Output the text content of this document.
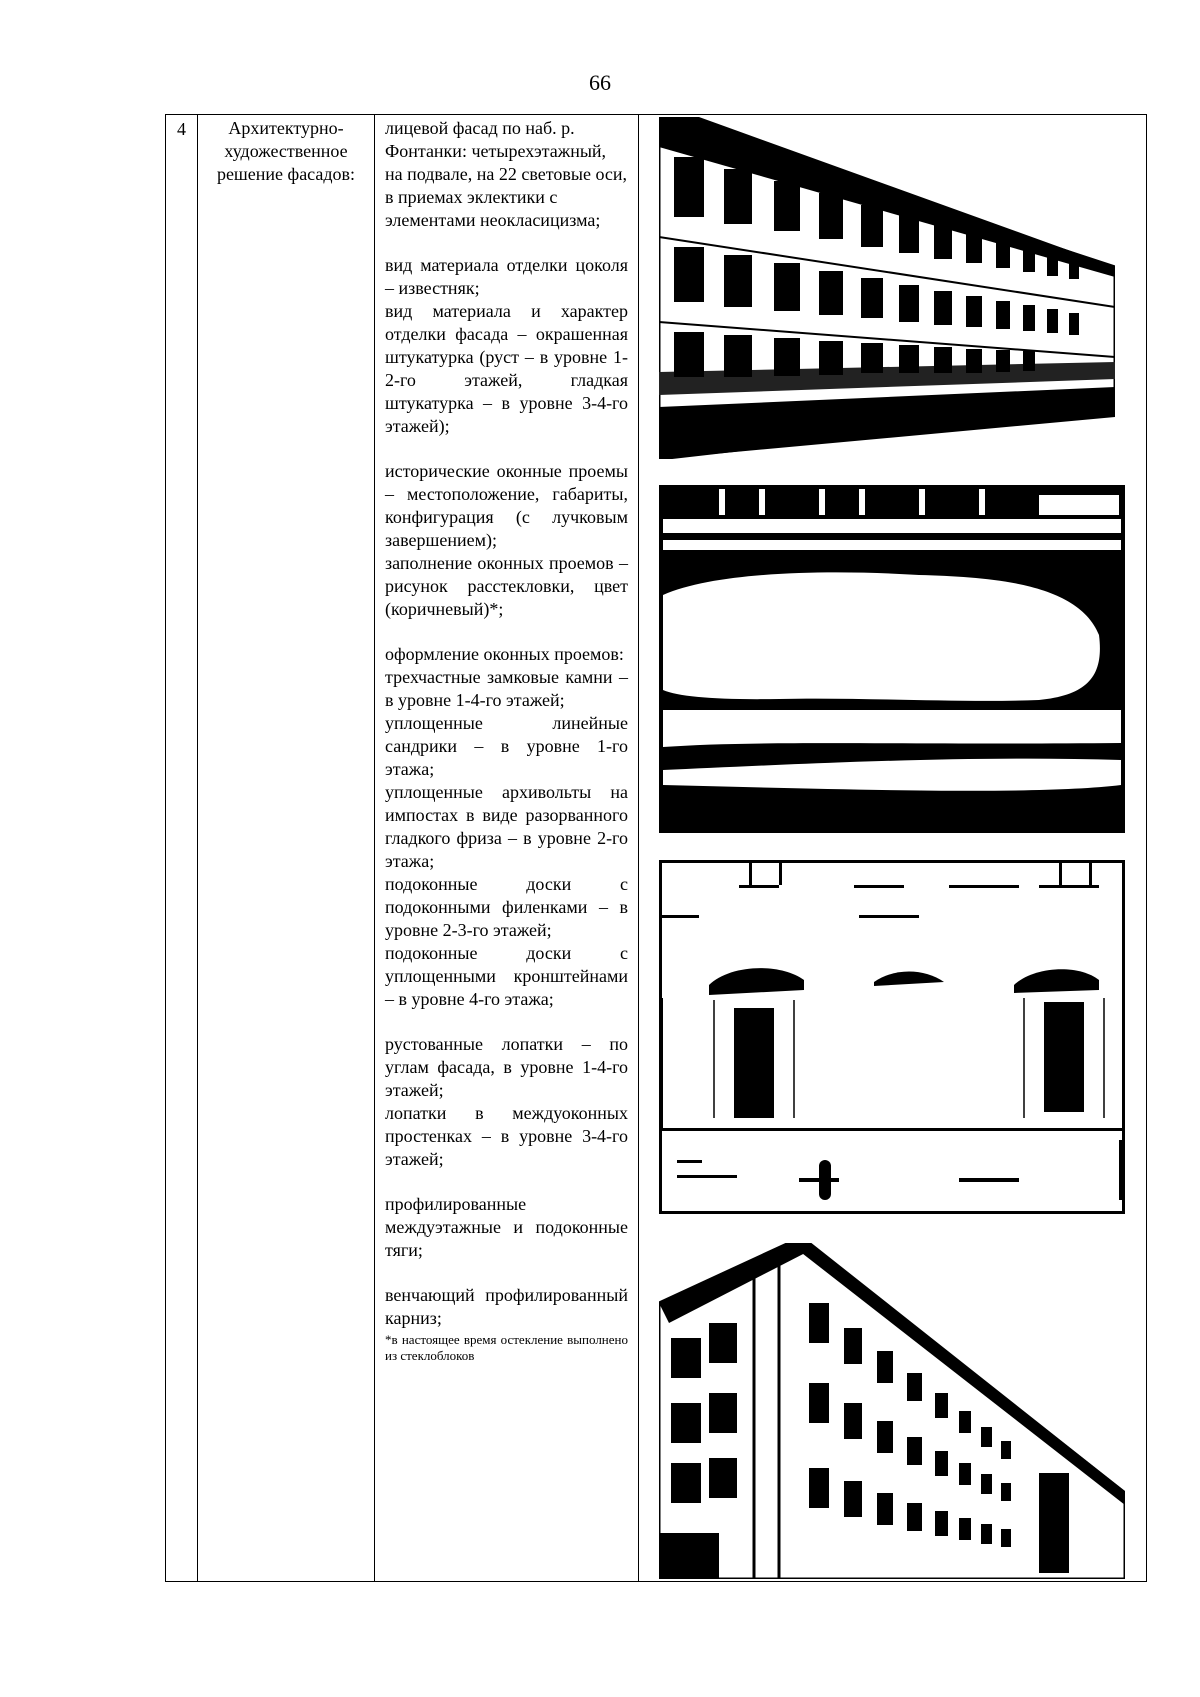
66
4	Архитектурно-художественное решение фасадов:

лицевой фасад по наб. р. Фонтанки: четырехэтажный, на подвале, на 22 световые оси, в приемах эклектики с элементами неокласицизма;

вид материала отделки цоколя – известняк;

вид материала и характер отделки фасада – окрашенная штукатурка (руст – в уровне 1-2-го этажей, гладкая штукатурка – в уровне 3-4-го этажей);

исторические оконные проемы – местоположение, габариты, конфигурация (с лучковым завершением);

заполнение оконных проемов – рисунок расстекловки, цвет (коричневый)*;

оформление оконных проемов:

трехчастные замковые камни – в уровне 1-4-го этажей;

уплощенные линейные сандрики – в уровне 1-го этажа;

уплощенные архивольты на импостах в виде разорванного гладкого фриза – в уровне 2-го этажа;

подоконные доски с подоконными филенками – в уровне 2-3-го этажей;

подоконные доски с уплощенными кронштейнами – в уровне 4-го этажа;

рустованные лопатки – по углам фасада, в уровне 1-4-го этажей;

лопатки в междуоконных простенках – в уровне 3-4-го этажей;

профилированные междуэтажные и подоконные тяги;

венчающий профилированный карниз;

*в настоящее время остекление выполнено из стеклоблоков
